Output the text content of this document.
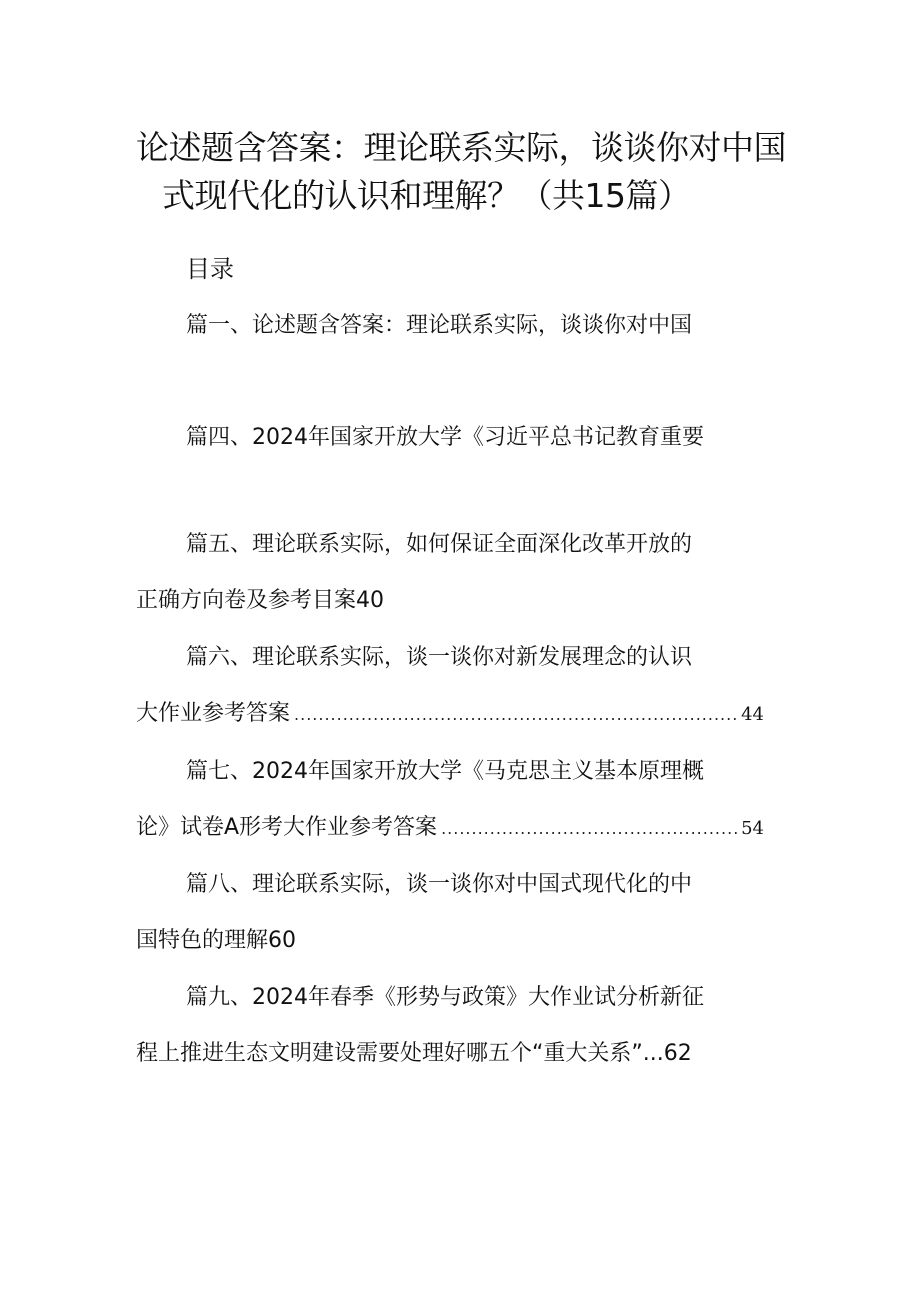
论述题含答案：理论联系实际，谈谈你对中国
式现代化的认识和理解？（共15篇）
目录
篇一、论述题含答案：理论联系实际，谈谈你对中国
篇四、2024年国家开放大学《习近平总书记教育重要
篇五、理论联系实际，如何保证全面深化改革开放的
正确方向卷及参考目案40
篇六、理论联系实际，谈一谈你对新发展理念的认识
大作业参考答案 .....	44
篇七、2024年国家开放大学《马克思主义基本原理概
论》试卷A形考大作业参考答案 .....	54
篇八、理论联系实际，谈一谈你对中国式现代化的中
国特色的理解60
篇九、2024年春季《形势与政策》大作业试分析新征
程上推进生态文明建设需要处理好哪五个“重大关系”...62
